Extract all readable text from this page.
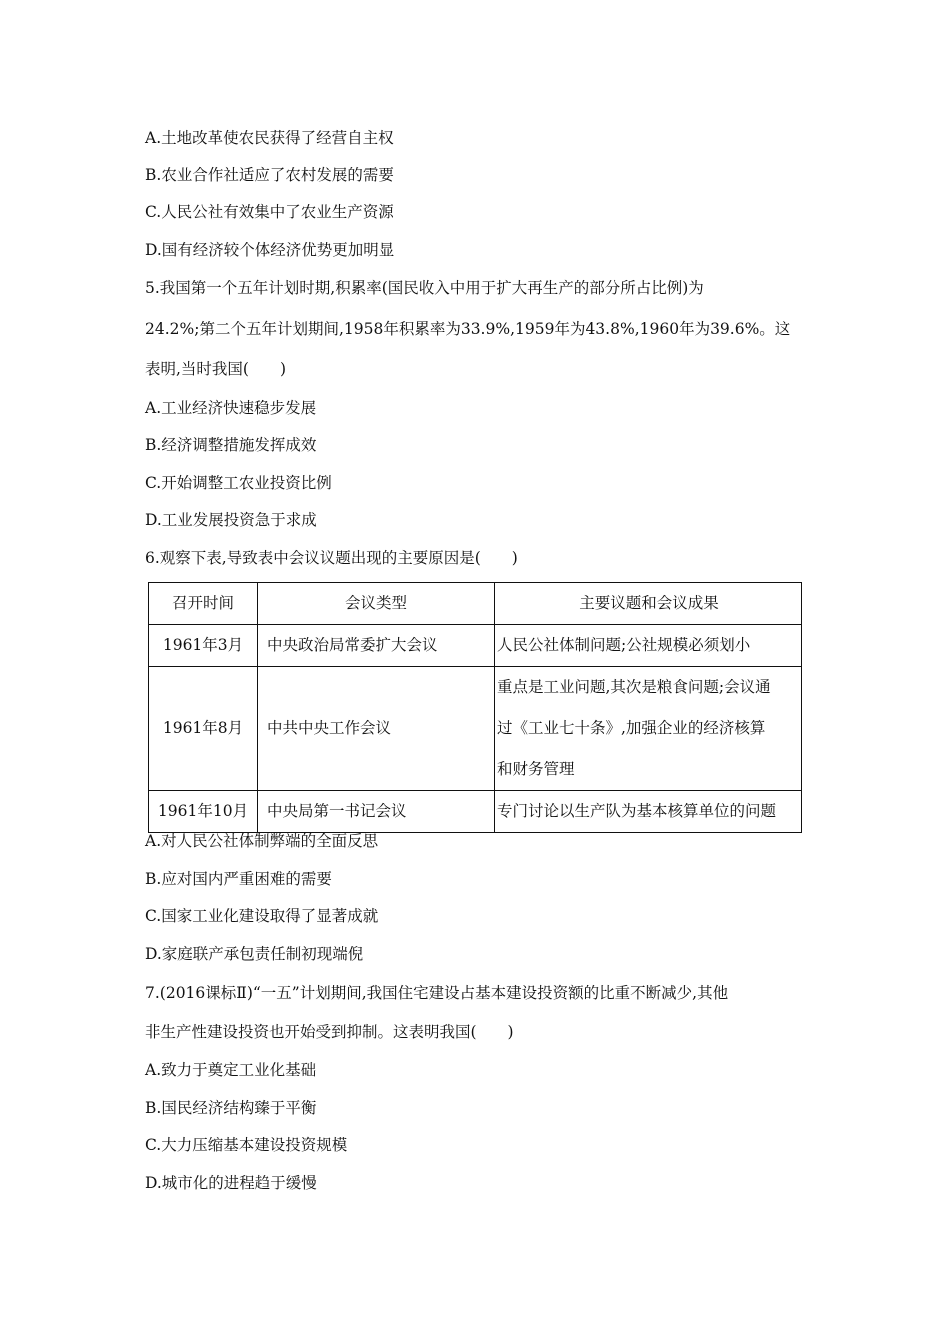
A.土地改革使农民获得了经营自主权
B.农业合作社适应了农村发展的需要
C.人民公社有效集中了农业生产资源
D.国有经济较个体经济优势更加明显
5.我国第一个五年计划时期,积累率(国民收入中用于扩大再生产的部分所占比例)为
24.2%;第二个五年计划期间,1958年积累率为33.9%,1959年为43.8%,1960年为39.6%。这
表明,当时我国(　　)
A.工业经济快速稳步发展
B.经济调整措施发挥成效
C.开始调整工农业投资比例
D.工业发展投资急于求成
6.观察下表,导致表中会议议题出现的主要原因是(　　)
召开时间	会议类型	主要议题和会议成果
1961年3月	中央政治局常委扩大会议	人民公社体制问题;公社规模必须划小
1961年8月	中共中央工作会议	重点是工业问题,其次是粮食问题;会议通
过《工业七十条》,加强企业的经济核算
和财务管理

1961年10月	中央局第一书记会议	专门讨论以生产队为基本核算单位的问题
A.对人民公社体制弊端的全面反思
B.应对国内严重困难的需要
C.国家工业化建设取得了显著成就
D.家庭联产承包责任制初现端倪
7.(2016课标Ⅱ)“一五”计划期间,我国住宅建设占基本建设投资额的比重不断减少,其他
非生产性建设投资也开始受到抑制。这表明我国(　　)
A.致力于奠定工业化基础
B.国民经济结构臻于平衡
C.大力压缩基本建设投资规模
D.城市化的进程趋于缓慢
